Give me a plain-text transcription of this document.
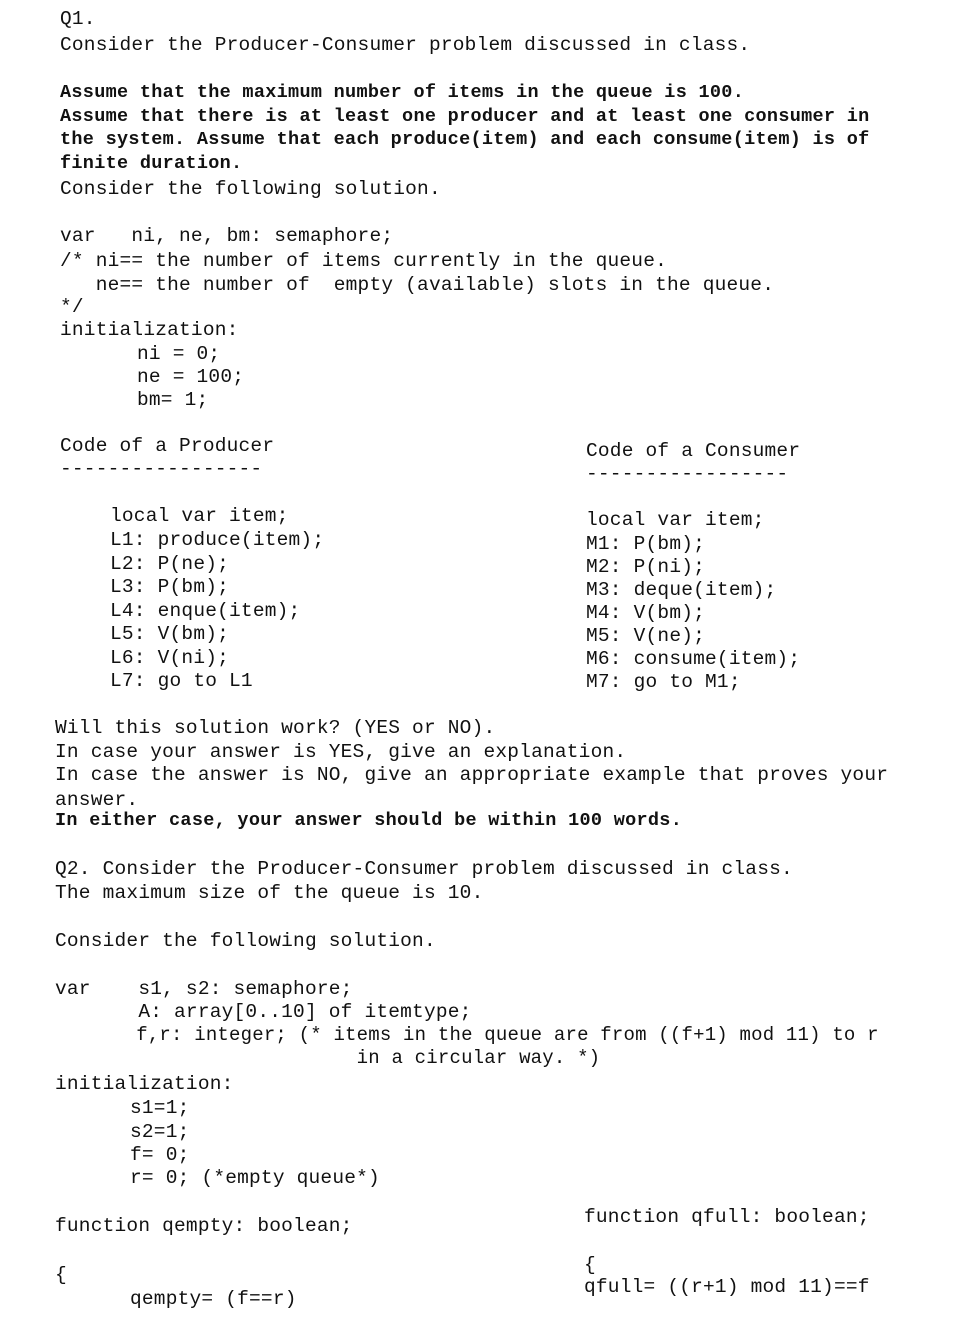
Q1.
Consider the Producer-Consumer problem discussed in class.
Assume that the maximum number of items in the queue is 100.
Assume that there is at least one producer and at least one consumer in
the system. Assume that each produce(item) and each consume(item) is of
finite duration.
Consider the following solution.
var   ni, ne, bm: semaphore;
/* ni== the number of items currently in the queue.
ne== the number of  empty (available) slots in the queue.
*/
initialization:
ni = 0;
ne = 100;
bm= 1;
Code of a Producer
-----------------
local var item;
L1: produce(item);
L2: P(ne);
L3: P(bm);
L4: enque(item);
L5: V(bm);
L6: V(ni);
L7: go to L1
Code of a Consumer
-----------------
local var item;
M1: P(bm);
M2: P(ni);
M3: deque(item);
M4: V(bm);
M5: V(ne);
M6: consume(item);
M7: go to M1;
Will this solution work? (YES or NO).
In case your answer is YES, give an explanation.
In case the answer is NO, give an appropriate example that proves your
answer.
In either case, your answer should be within 100 words.
Q2. Consider the Producer-Consumer problem discussed in class.
The maximum size of the queue is 10.
Consider the following solution.
var    s1, s2: semaphore;
A: array[0..10] of itemtype;
f,r: integer; (* items in the queue are from ((f+1) mod 11) to r
in a circular way. *)
initialization:
s1=1;
s2=1;
f= 0;
r= 0; (*empty queue*)
function qempty: boolean;
{
qempty= (f==r)
function qfull: boolean;
{
qfull= ((r+1) mod 11)==f
